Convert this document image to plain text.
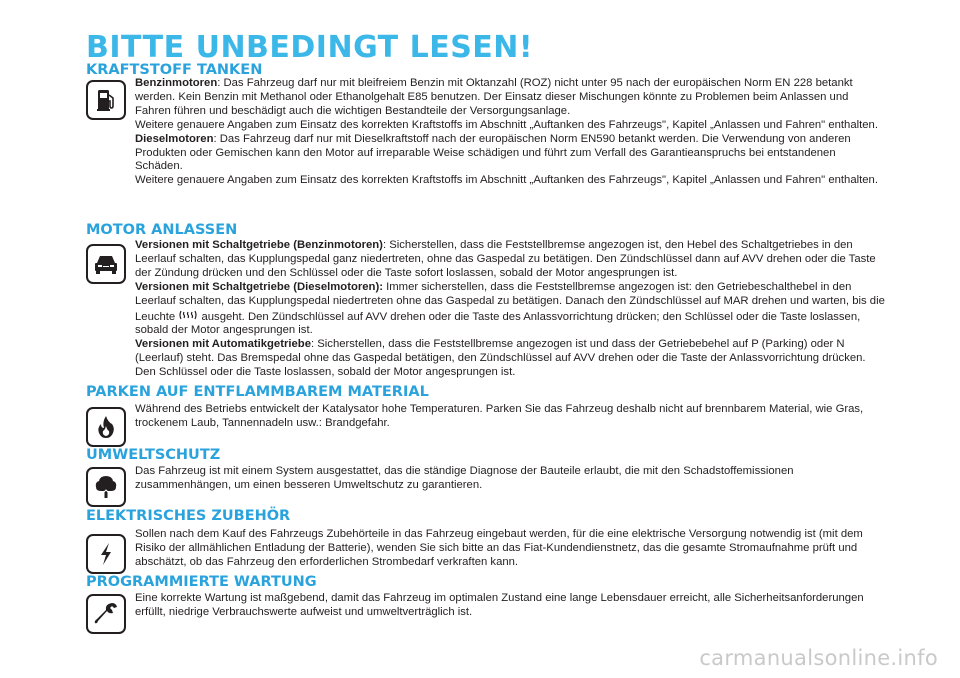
BITTE UNBEDINGT LESEN!
KRAFTSTOFF TANKEN

Benzinmotoren: Das Fahrzeug darf nur mit bleifreiem Benzin mit Oktanzahl (ROZ) nicht unter 95 nach der europäischen Norm EN 228 betankt werden. Kein Benzin mit Methanol oder Ethanolgehalt E85 benutzen. Der Einsatz dieser Mischungen könnte zu Problemen beim Anlassen und Fahren führen und beschädigt auch die wichtigen Bestandteile der Versorgungsanlage.

Weitere genauere Angaben zum Einsatz des korrekten Kraftstoffs im Abschnitt „Auftanken des Fahrzeugs", Kapitel „Anlassen und Fahren" enthalten.

Dieselmotoren: Das Fahrzeug darf nur mit Dieselkraftstoff nach der europäischen Norm EN590 betankt werden. Die Verwendung von anderen Produkten oder Gemischen kann den Motor auf irreparable Weise schädigen und führt zum Verfall des Garantieanspruchs bei entstandenen Schäden.

Weitere genauere Angaben zum Einsatz des korrekten Kraftstoffs im Abschnitt „Auftanken des Fahrzeugs", Kapitel „Anlassen und Fahren" enthalten.

MOTOR ANLASSEN

Versionen mit Schaltgetriebe (Benzinmotoren): Sicherstellen, dass die Feststellbremse angezogen ist, den Hebel des Schaltgetriebes in den Leerlauf schalten, das Kupplungspedal ganz niedertreten, ohne das Gaspedal zu betätigen. Den Zündschlüssel dann auf AVV drehen oder die Taste der Zündung drücken und den Schlüssel oder die Taste sofort loslassen, sobald der Motor angesprungen ist.

Versionen mit Schaltgetriebe (Dieselmotoren): Immer sicherstellen, dass die Feststellbremse angezogen ist: den Getriebeschalthebel in den Leerlauf schalten, das Kupplungspedal niedertreten ohne das Gaspedal zu betätigen. Danach den Zündschlüssel auf MAR drehen und warten, bis die Leuchte  ausgeht. Den Zündschlüssel auf AVV drehen oder die Taste des Anlassvorrichtung drücken; den Schlüssel oder die Taste loslassen, sobald der Motor angesprungen ist.

Versionen mit Automatikgetriebe: Sicherstellen, dass die Feststellbremse angezogen ist und dass der Getriebebehel auf P (Parking) oder N (Leerlauf) steht. Das Bremspedal ohne das Gaspedal betätigen, den Zündschlüssel auf AVV drehen oder die Taste der Anlassvorrichtung drücken. Den Schlüssel oder die Taste loslassen, sobald der Motor angesprungen ist.

PARKEN AUF ENTFLAMMBAREM MATERIAL

Während des Betriebs entwickelt der Katalysator hohe Temperaturen. Parken Sie das Fahrzeug deshalb nicht auf brennbarem Material, wie Gras, trockenem Laub, Tannennadeln usw.: Brandgefahr.

UMWELTSCHUTZ

Das Fahrzeug ist mit einem System ausgestattet, das die ständige Diagnose der Bauteile erlaubt, die mit den Schadstoffemissionen zusammenhängen, um einen besseren Umweltschutz zu garantieren.

ELEKTRISCHES ZUBEHÖR

Sollen nach dem Kauf des Fahrzeugs Zubehörteile in das Fahrzeug eingebaut werden, für die eine elektrische Versorgung notwendig ist (mit dem Risiko der allmählichen Entladung der Batterie), wenden Sie sich bitte an das Fiat-Kundendienstnetz, das die gesamte Stromaufnahme prüft und abschätzt, ob das Fahrzeug den erforderlichen Strombedarf verkraften kann.

PROGRAMMIERTE WARTUNG

Eine korrekte Wartung ist maßgebend, damit das Fahrzeug im optimalen Zustand eine lange Lebensdauer erreicht, alle Sicherheitsanforderungen erfüllt, niedrige Verbrauchswerte aufweist und umweltverträglich ist.

carmanualsonline.info
